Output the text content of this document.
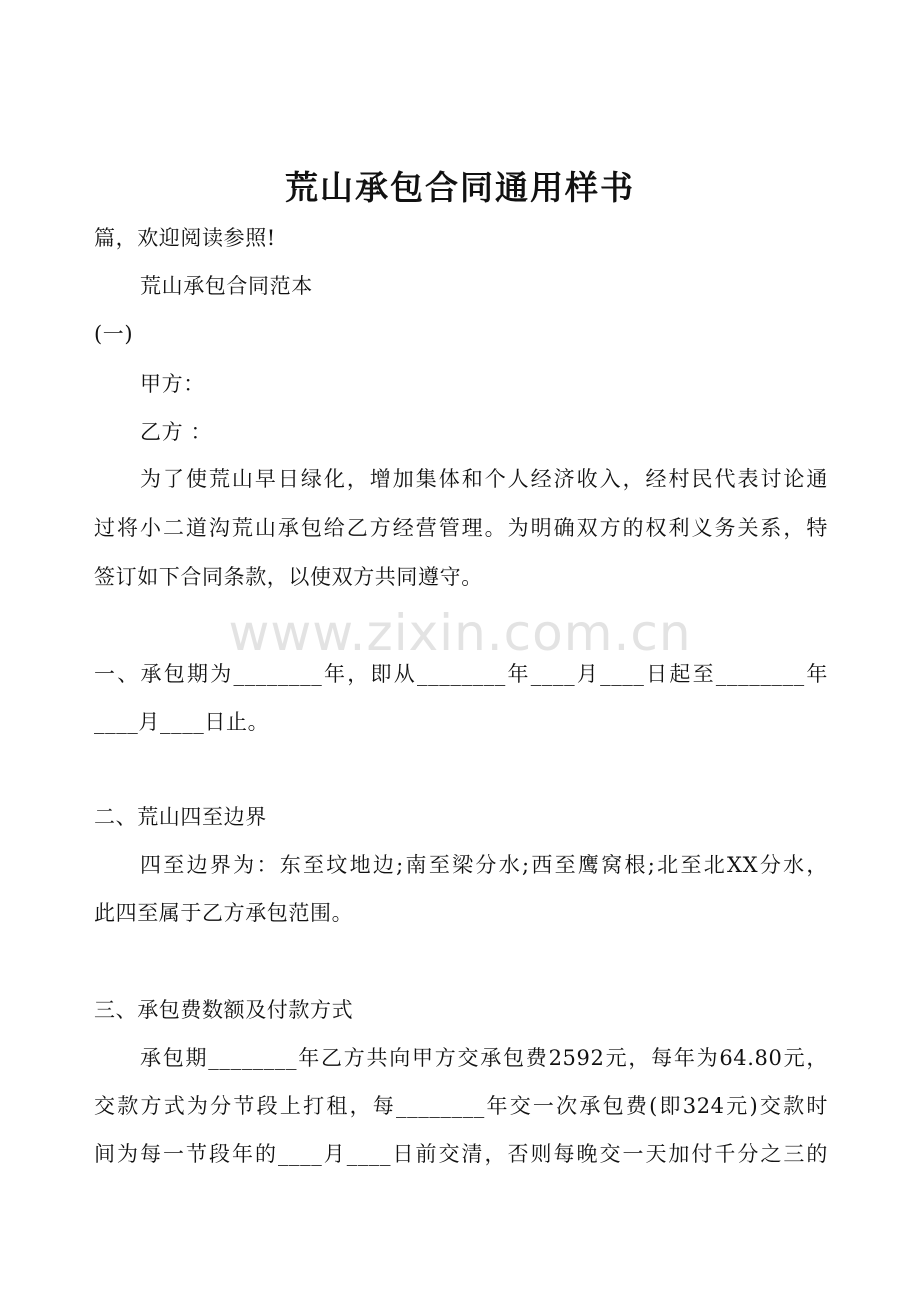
荒山承包合同通用样书
篇，欢迎阅读参照!
荒山承包合同范本
(一)
甲方：
乙方 ：
为了使荒山早日绿化，增加集体和个人经济收入，经村民代表讨论通
过将小二道沟荒山承包给乙方经营管理。为明确双方的权利义务关系，特
签订如下合同条款，以使双方共同遵守。
www.zixin.com.cn
一、承包期为________年，即从________年____月____日起至________年
____月____日止。
二、荒山四至边界
四至边界为：东至坟地边;南至梁分水;西至鹰窝根;北至北XX分水，
此四至属于乙方承包范围。
三、承包费数额及付款方式
承包期________年乙方共向甲方交承包费2592元，每年为64.80元，
交款方式为分节段上打租，每________年交一次承包费(即324元)交款时
间为每一节段年的____月____日前交清，否则每晚交一天加付千分之三的
